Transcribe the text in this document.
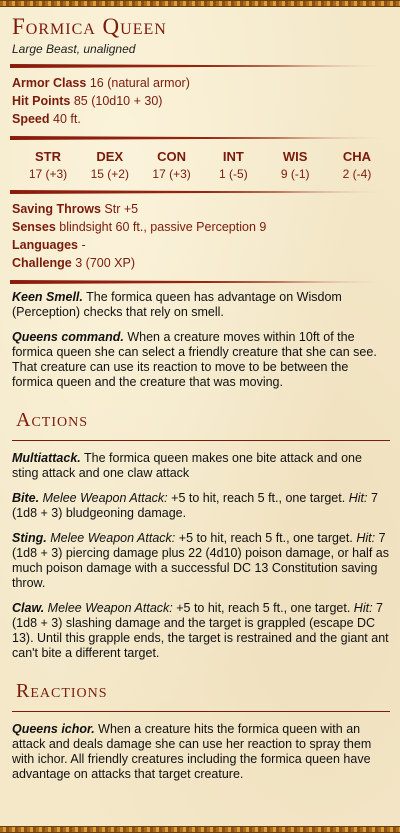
Formica Queen
Large Beast, unaligned
Armor Class 16 (natural armor)
Hit Points 85 (10d10 + 30)
Speed 40 ft.
STR
17 (+3)
DEX
15 (+2)
CON
17 (+3)
INT
1 (-5)
WIS
9 (-1)
CHA
2 (-4)
Saving Throws Str +5
Senses blindsight 60 ft., passive Perception 9
Languages -
Challenge 3 (700 XP)

Keen Smell. The formica queen has advantage on Wisdom (Perception) checks that rely on smell.

Queens command. When a creature moves within 10ft of the formica queen she can select a friendly creature that she can see. That creature can use its reaction to move to be between the formica queen and the creature that was moving.

Actions

Multiattack. The formica queen makes one bite attack and one sting attack and one claw attack

Bite. Melee Weapon Attack: +5 to hit, reach 5 ft., one target. Hit: 7 (1d8 + 3) bludgeoning damage.

Sting. Melee Weapon Attack: +5 to hit, reach 5 ft., one target. Hit: 7 (1d8 + 3) piercing damage plus 22 (4d10) poison damage, or half as much poison damage with a successful DC 13 Constitution saving throw.

Claw. Melee Weapon Attack: +5 to hit, reach 5 ft., one target. Hit: 7 (1d8 + 3) slashing damage and the target is grappled (escape DC 13). Until this grapple ends, the target is restrained and the giant ant can't bite a different target.

Reactions

Queens ichor. When a creature hits the formica queen with an attack and deals damage she can use her reaction to spray them with ichor. All friendly creatures including the formica queen have advantage on attacks that target creature.
